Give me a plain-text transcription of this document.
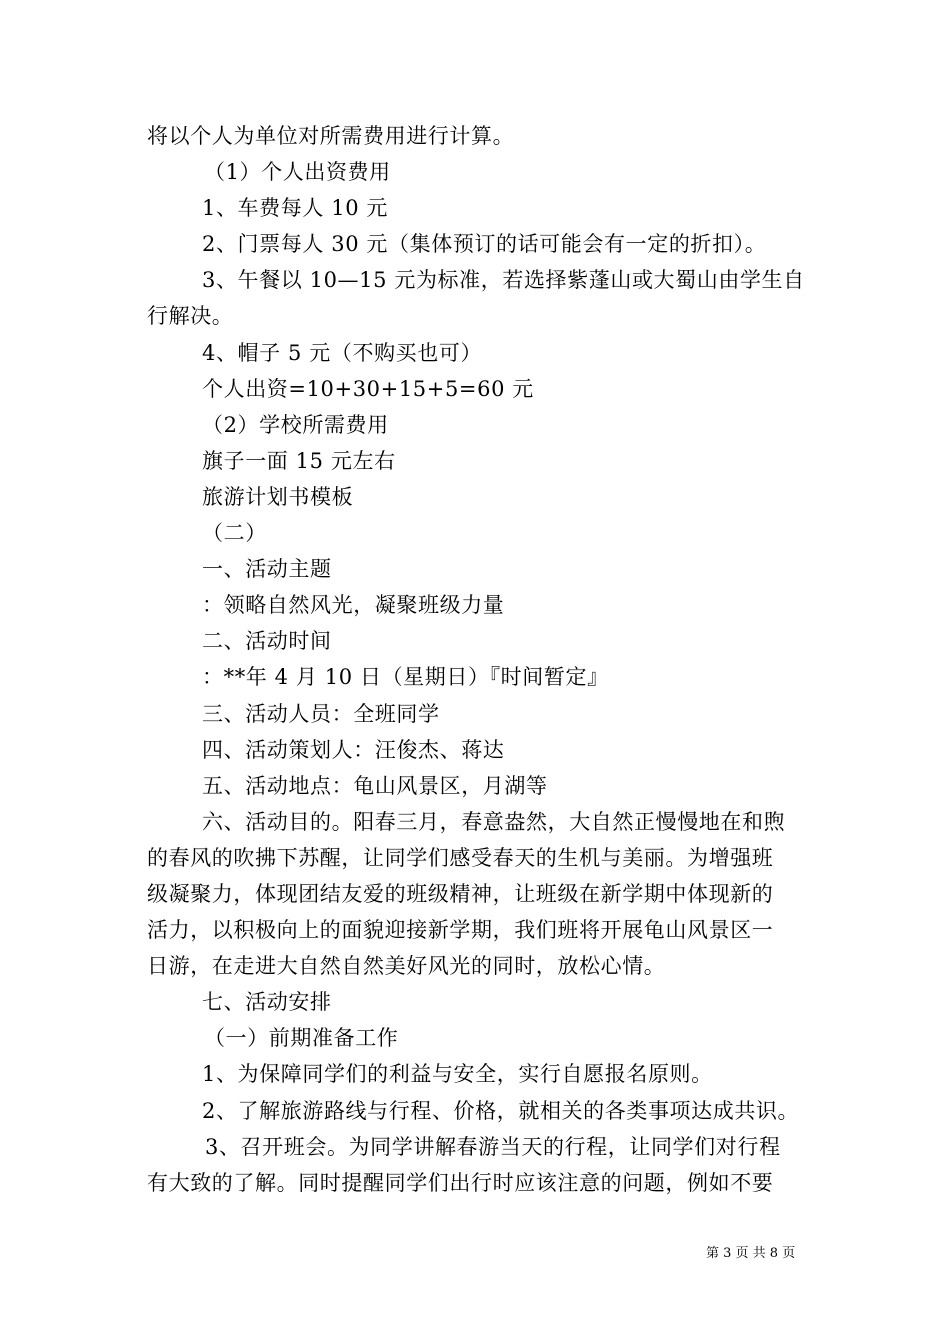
将以个人为单位对所需费用进行计算。
（1）个人出资费用
1、车费每人 10 元
2、门票每人 30 元（集体预订的话可能会有一定的折扣）。
3、午餐以 10—15 元为标准，若选择紫蓬山或大蜀山由学生自
行解决。
4、帽子 5 元（不购买也可）
个人出资=10+30+15+5=60 元
（2）学校所需费用
旗子一面 15 元左右
旅游计划书模板
（二）
一、活动主题
：领略自然风光，凝聚班级力量
二、活动时间
：**年 4 月 10 日（星期日）『时间暂定』
三、活动人员：全班同学
四、活动策划人：汪俊杰、蒋达
五、活动地点：龟山风景区，月湖等
六、活动目的。阳春三月，春意盎然，大自然正慢慢地在和煦
的春风的吹拂下苏醒，让同学们感受春天的生机与美丽。为增强班
级凝聚力，体现团结友爱的班级精神，让班级在新学期中体现新的
活力，以积极向上的面貌迎接新学期，我们班将开展龟山风景区一
日游，在走进大自然自然美好风光的同时，放松心情。
七、活动安排
（一）前期准备工作
1、为保障同学们的利益与安全，实行自愿报名原则。
2、了解旅游路线与行程、价格，就相关的各类事项达成共识。
3、召开班会。为同学讲解春游当天的行程，让同学们对行程
有大致的了解。同时提醒同学们出行时应该注意的问题，例如不要
第 3 页 共 8 页
